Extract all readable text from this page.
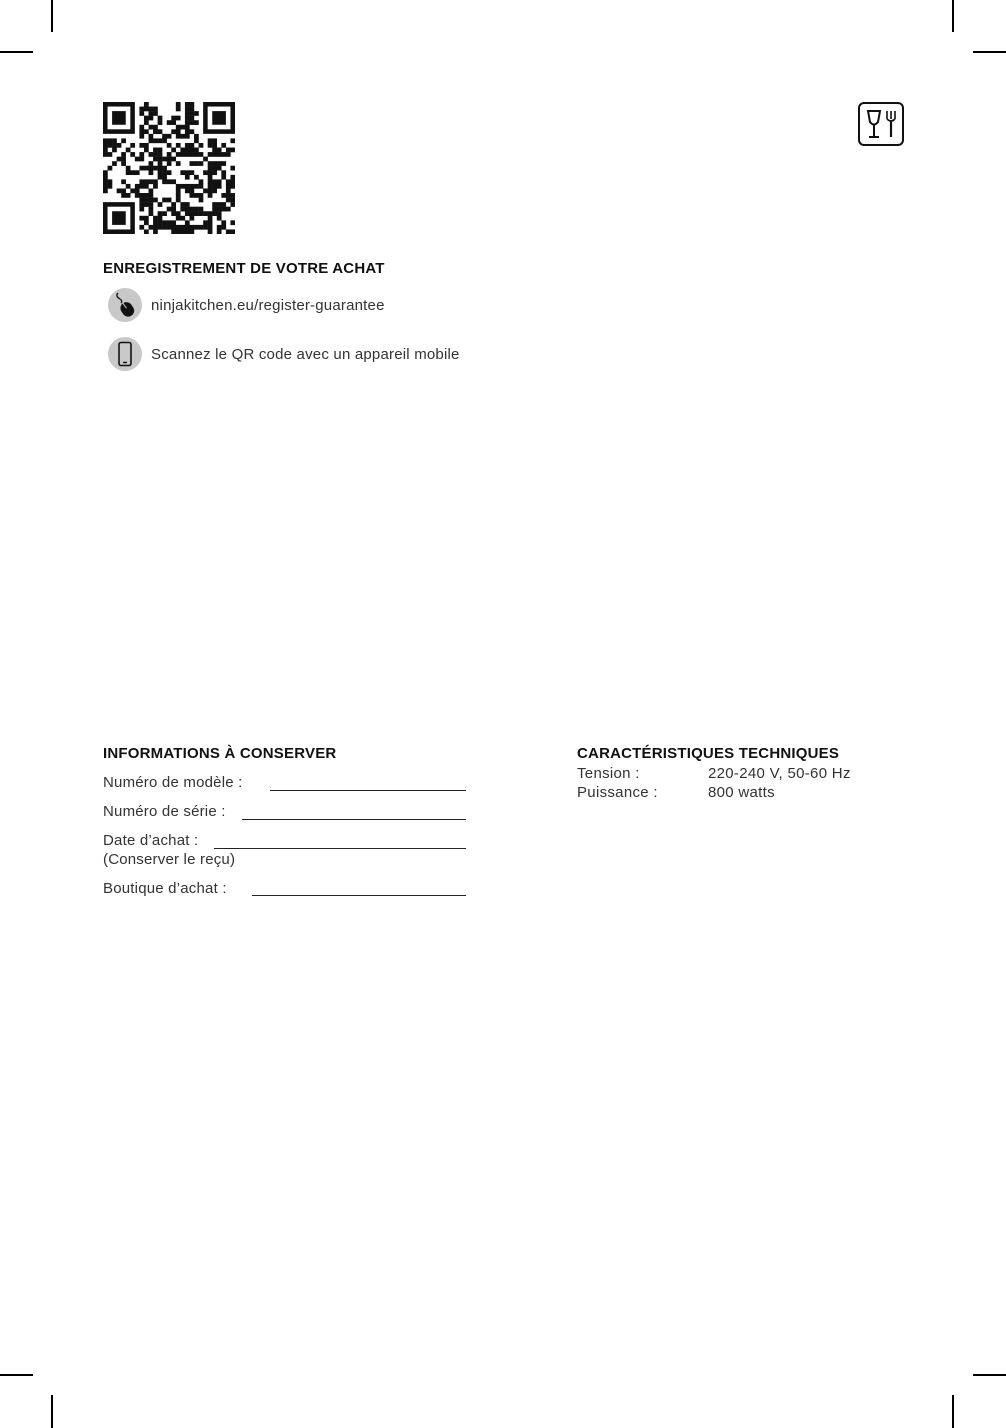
ENREGISTREMENT DE VOTRE ACHAT
ninjakitchen.eu/register-guarantee
Scannez le QR code avec un appareil mobile
INFORMATIONS À CONSERVER
Numéro de modèle :
Numéro de série :
Date d’achat :
(Conserver le reçu)
Boutique d’achat :
CARACTÉRISTIQUES TECHNIQUES
Tension :	220-240 V, 50-60 Hz
Puissance :	800 watts
